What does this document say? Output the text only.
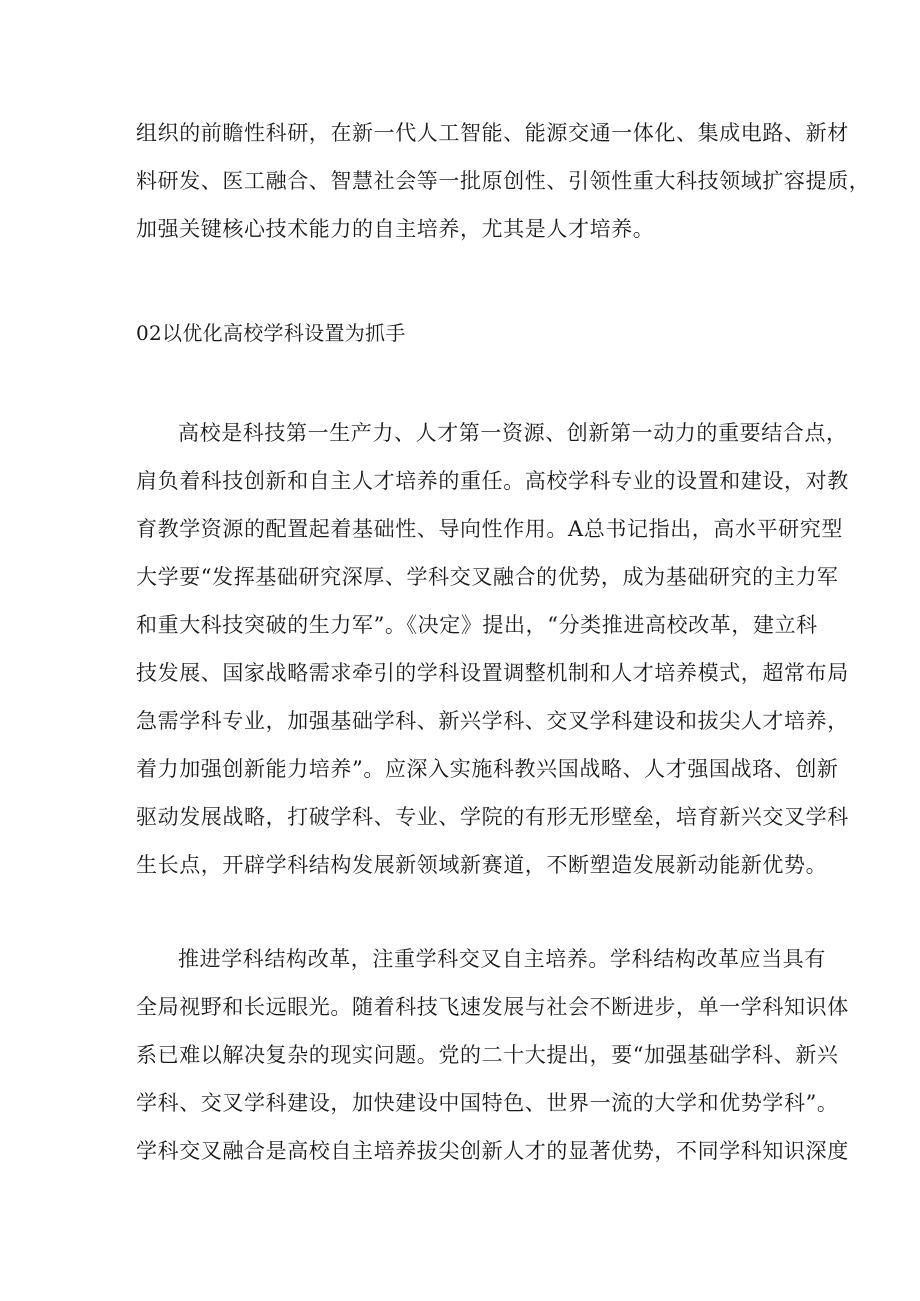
组织的前瞻性科研，在新一代人工智能、能源交通一体化、集成电路、新材
料研发、医工融合、智慧社会等一批原创性、引领性重大科技领域扩容提质，
加强关键核心技术能力的自主培养，尤其是人才培养。
02以优化高校学科设置为抓手
高校是科技第一生产力、人才第一资源、创新第一动力的重要结合点，
肩负着科技创新和自主人才培养的重任。高校学科专业的设置和建设，对教
育教学资源的配置起着基础性、导向性作用。A总书记指出，高水平研究型
大学要“发挥基础研究深厚、学科交叉融合的优势，成为基础研究的主力军
和重大科技突破的生力军”。《决定》提出，“分类推进高校改革，建立科
技发展、国家战略需求牵引的学科设置调整机制和人才培养模式，超常布局
急需学科专业，加强基础学科、新兴学科、交叉学科建设和拔尖人才培养，
着力加强创新能力培养”。应深入实施科教兴国战略、人才强国战珞、创新
驱动发展战略，打破学科、专业、学院的有形无形壁垒，培育新兴交叉学科
生长点，开辟学科结构发展新领域新赛道，不断塑造发展新动能新优势。
推进学科结构改革，注重学科交叉自主培养。学科结构改革应当具有
全局视野和长远眼光。随着科技飞速发展与社会不断进步，单一学科知识体
系已难以解决复杂的现实问题。党的二十大提出，要“加强基础学科、新兴
学科、交叉学科建设，加快建设中国特色、世界一流的大学和优势学科”。
学科交叉融合是高校自主培养拔尖创新人才的显著优势，不同学科知识深度
